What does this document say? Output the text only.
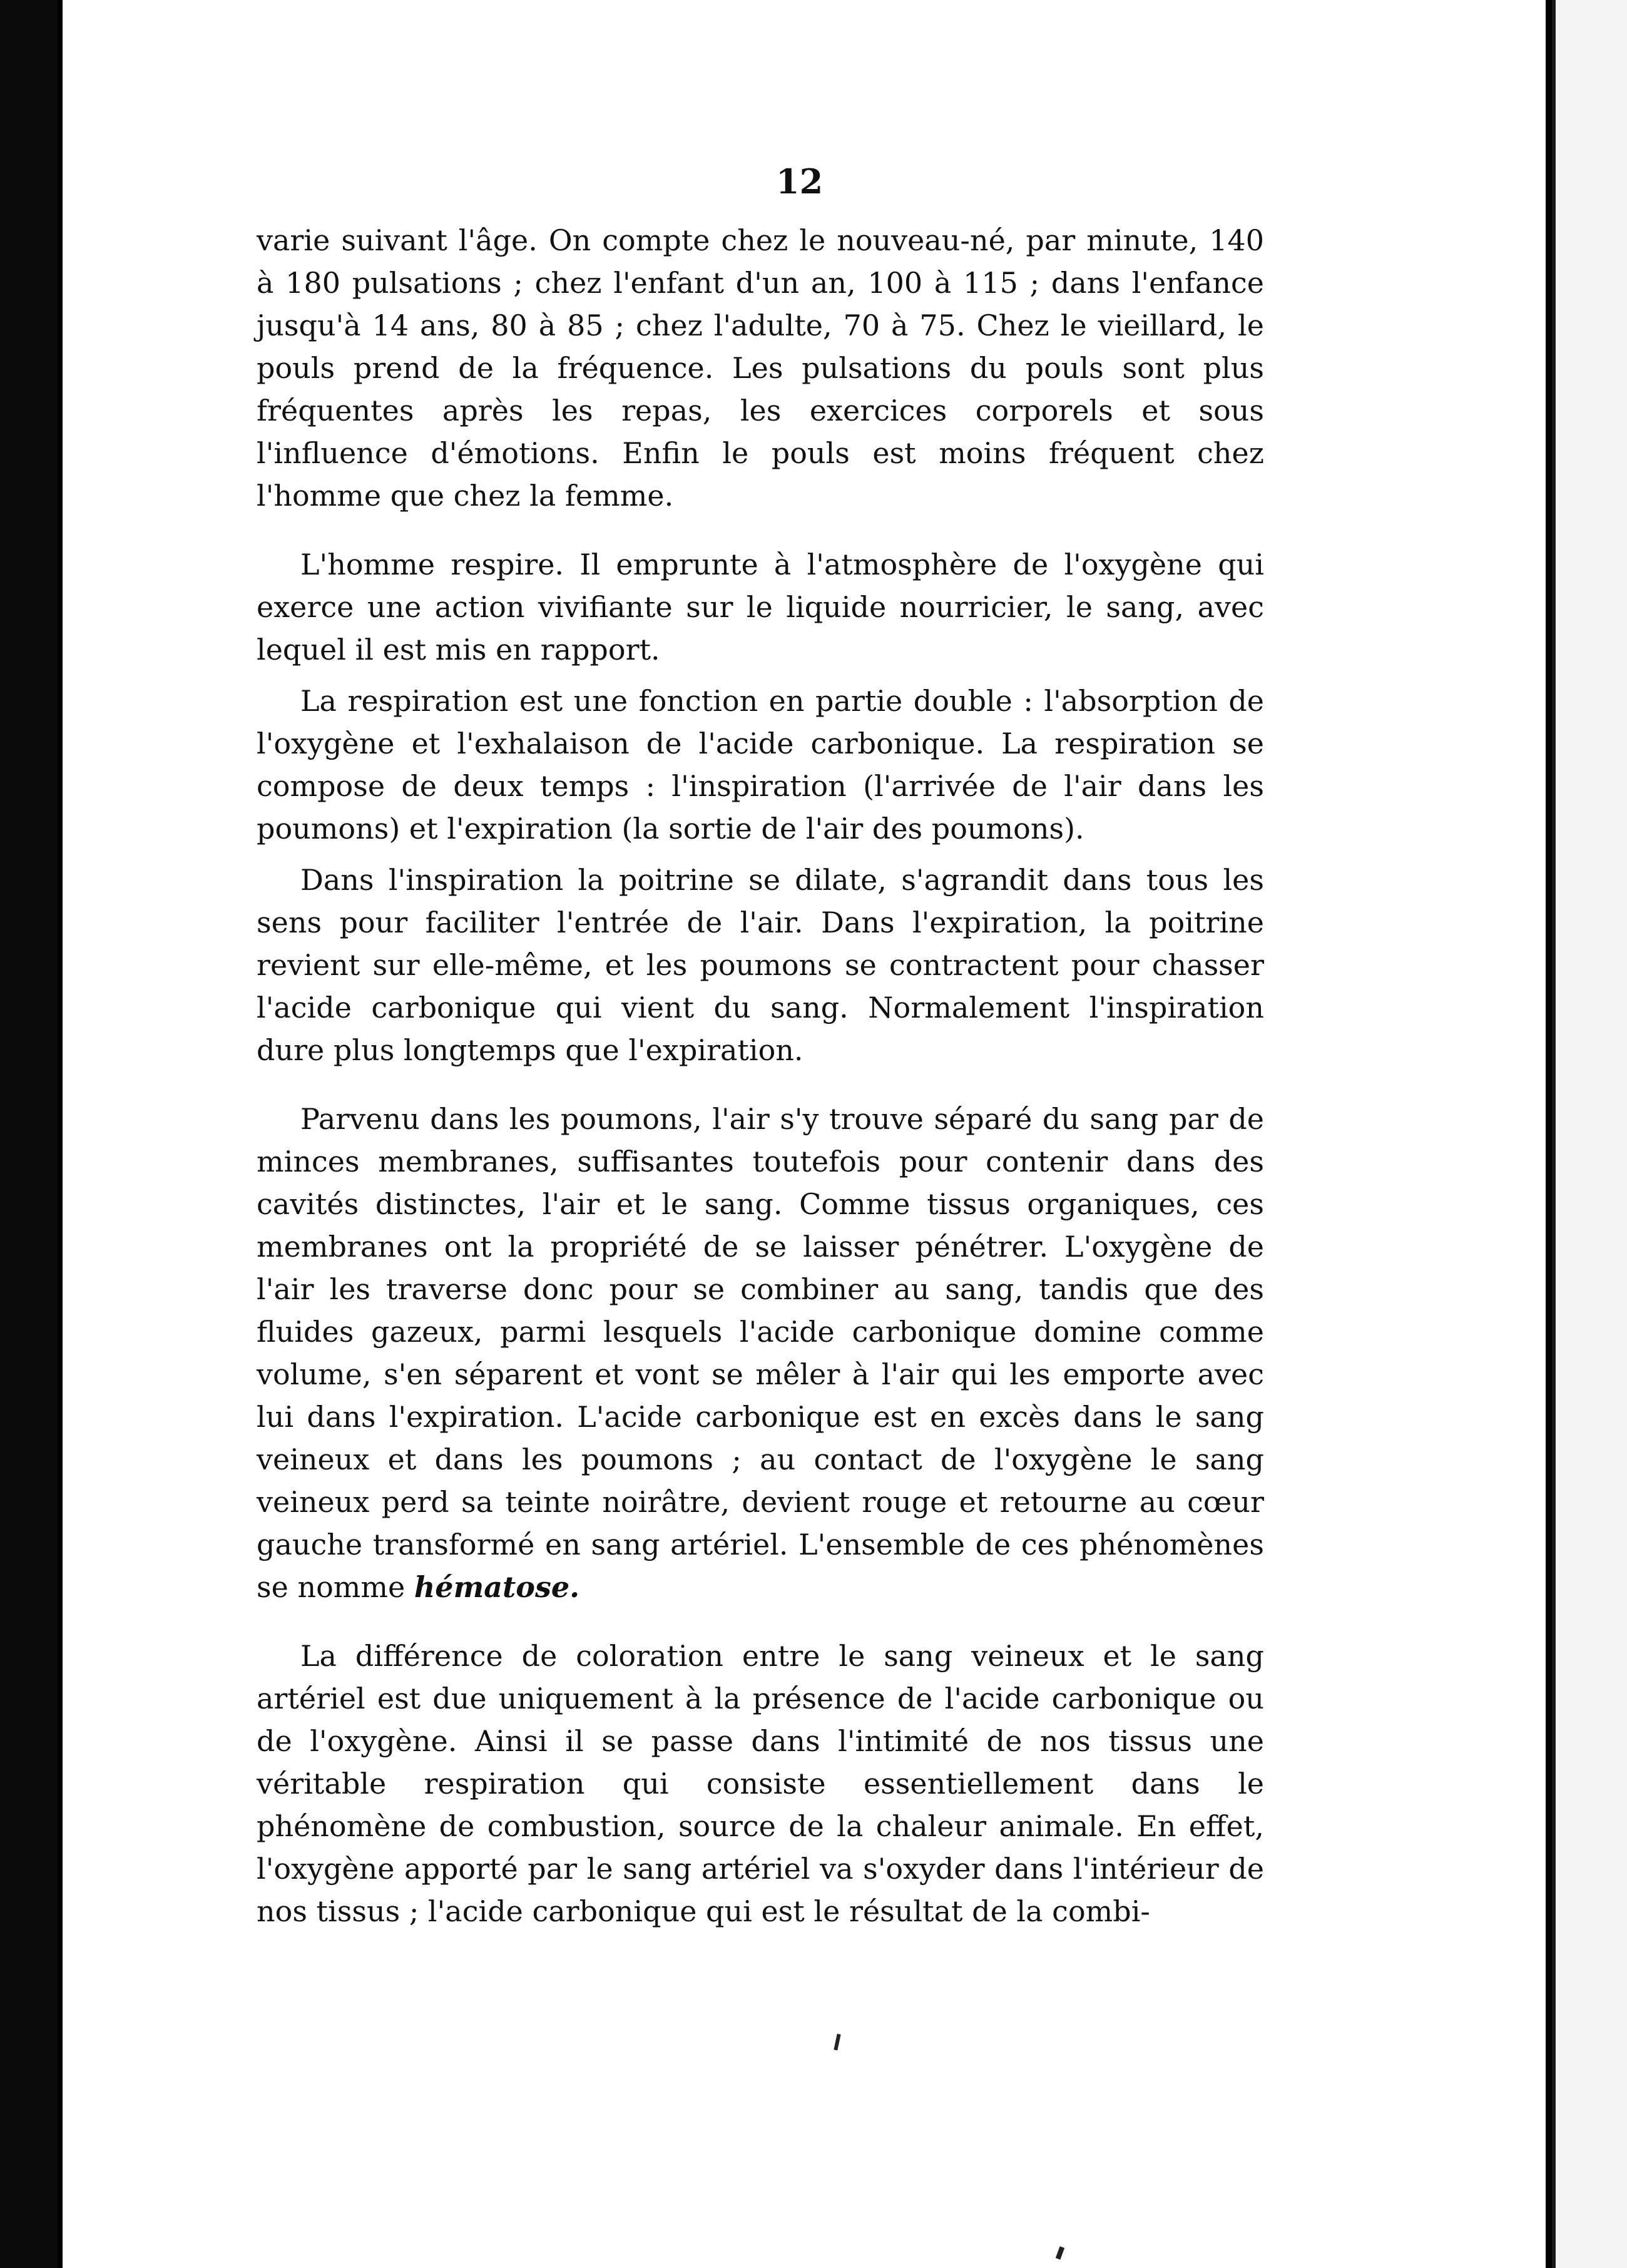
12

varie suivant l'âge. On compte chez le nouveau-né, par minute, 140 à 180 pulsations ; chez l'enfant d'un an, 100 à 115 ; dans l'enfance jusqu'à 14 ans, 80 à 85 ; chez l'adulte, 70 à 75. Chez le vieillard, le pouls prend de la fréquence. Les pulsations du pouls sont plus fréquentes après les repas, les exercices corporels et sous l'influence d'émotions. Enfin le pouls est moins fréquent chez l'homme que chez la femme.

L'homme respire. Il emprunte à l'atmosphère de l'oxygène qui exerce une action vivifiante sur le liquide nourricier, le sang, avec lequel il est mis en rapport.

La respiration est une fonction en partie double : l'absorption de l'oxygène et l'exhalaison de l'acide carbonique. La respiration se compose de deux temps : l'inspiration (l'arrivée de l'air dans les poumons) et l'expiration (la sortie de l'air des poumons).

Dans l'inspiration la poitrine se dilate, s'agrandit dans tous les sens pour faciliter l'entrée de l'air. Dans l'expiration, la poitrine revient sur elle-même, et les poumons se contractent pour chasser l'acide carbonique qui vient du sang. Normalement l'inspiration dure plus longtemps que l'expiration.

Parvenu dans les poumons, l'air s'y trouve séparé du sang par de minces membranes, suffisantes toutefois pour contenir dans des cavités distinctes, l'air et le sang. Comme tissus organiques, ces membranes ont la propriété de se laisser pénétrer. L'oxygène de l'air les traverse donc pour se combiner au sang, tandis que des fluides gazeux, parmi lesquels l'acide carbonique domine comme volume, s'en séparent et vont se mêler à l'air qui les emporte avec lui dans l'expiration. L'acide carbonique est en excès dans le sang veineux et dans les poumons ; au contact de l'oxygène le sang veineux perd sa teinte noirâtre, devient rouge et retourne au cœur gauche transformé en sang artériel. L'ensemble de ces phénomènes se nomme hématose.

La différence de coloration entre le sang veineux et le sang artériel est due uniquement à la présence de l'acide carbonique ou de l'oxygène. Ainsi il se passe dans l'intimité de nos tissus une véritable respiration qui consiste essentiellement dans le phénomène de combustion, source de la chaleur animale. En effet, l'oxygène apporté par le sang artériel va s'oxyder dans l'intérieur de nos tissus ; l'acide carbonique qui est le résultat de la combi-
